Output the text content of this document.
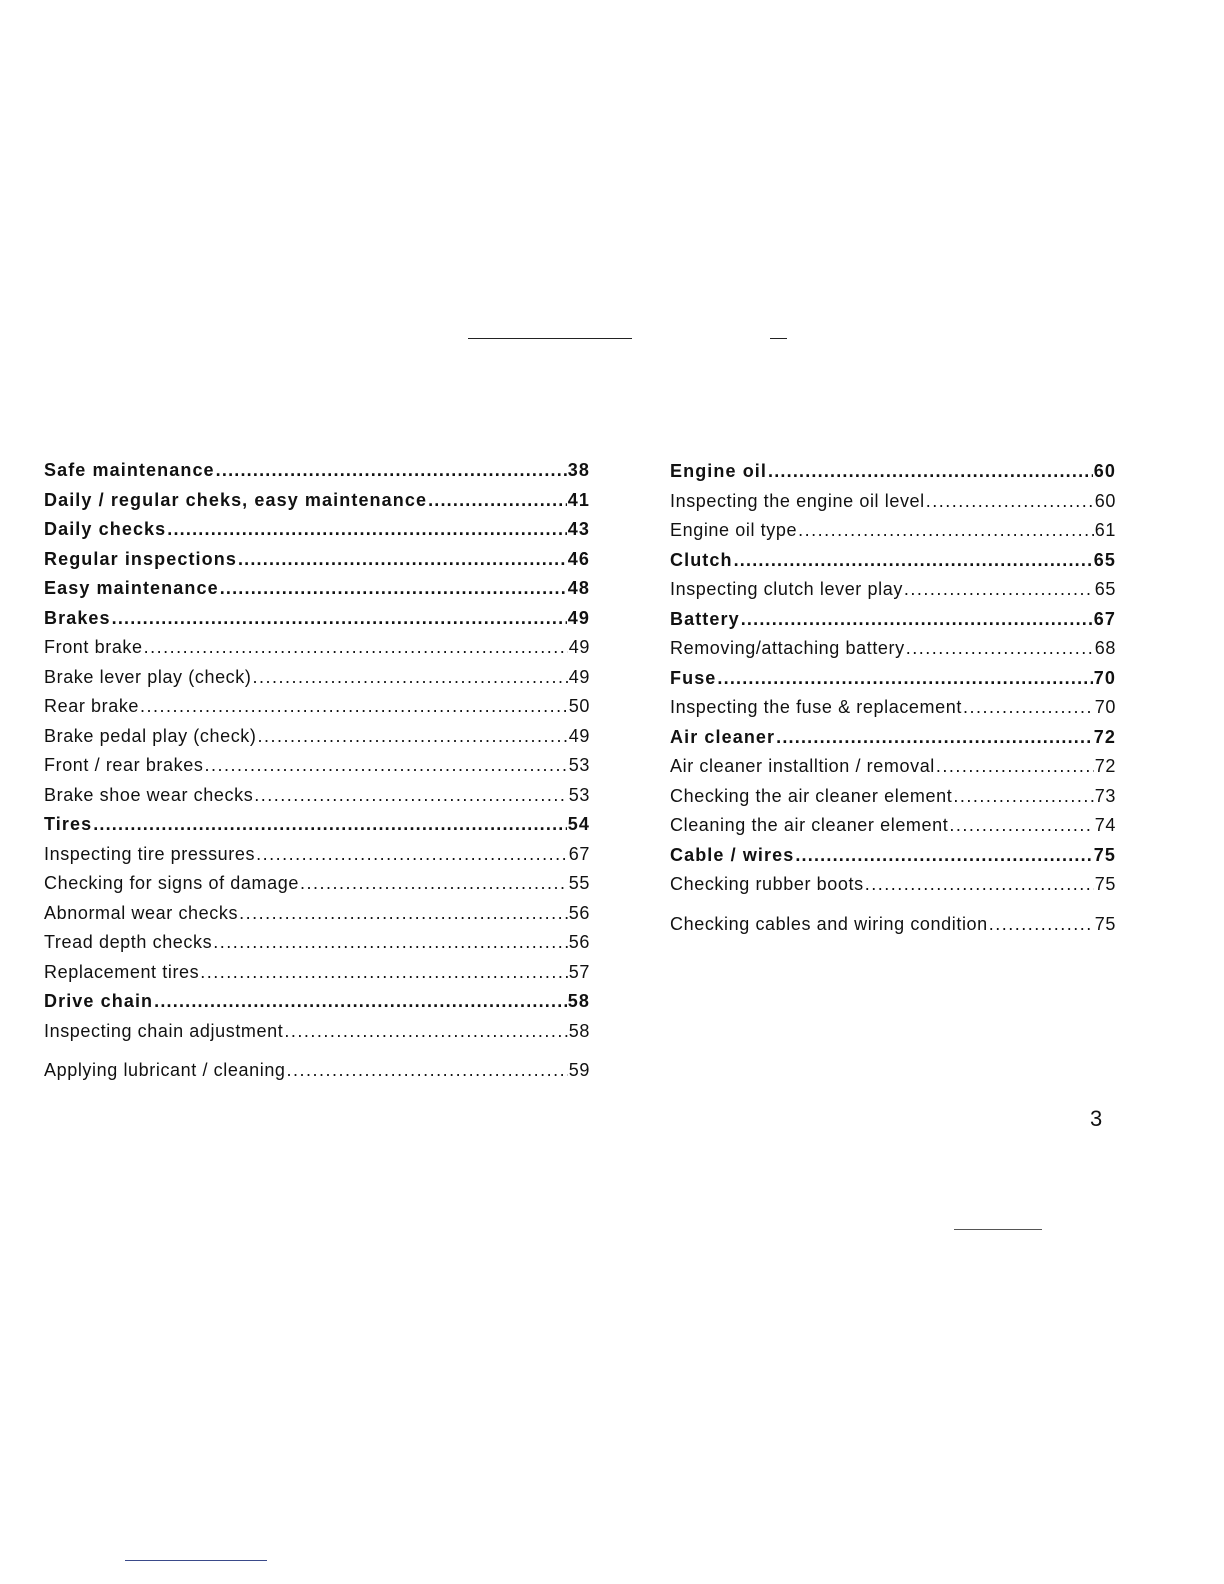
Safe maintenance .....	38
Daily / regular cheks, easy maintenance .....	41
Daily checks .....	43
Regular inspections .....	46
Easy maintenance .....	48
Brakes .....	49
Front brake .....	49
Brake lever play (check) .....	49
Rear brake .....	50
Brake pedal play (check) .....	49
Front / rear brakes .....	53
Brake shoe wear checks .....	53
Tires .....	54
Inspecting tire pressures .....	67
Checking for signs of damage .....	55
Abnormal wear checks .....	56
Tread depth checks .....	56
Replacement tires .....	57
Drive chain .....	58
Inspecting chain adjustment .....	58
Applying lubricant / cleaning .....	59
Engine oil .....	60
Inspecting the engine oil level .....	60
Engine oil type .....	61
Clutch .....	65
Inspecting clutch lever play .....	65
Battery .....	67
Removing/attaching battery .....	68
Fuse .....	70
Inspecting the fuse & replacement .....	70
Air cleaner .....	72
Air cleaner installtion / removal .....	72
Checking the air cleaner element .....	73
Cleaning the air cleaner element .....	74
Cable / wires .....	75
Checking rubber boots .....	75
Checking cables and wiring condition .....	75
3
